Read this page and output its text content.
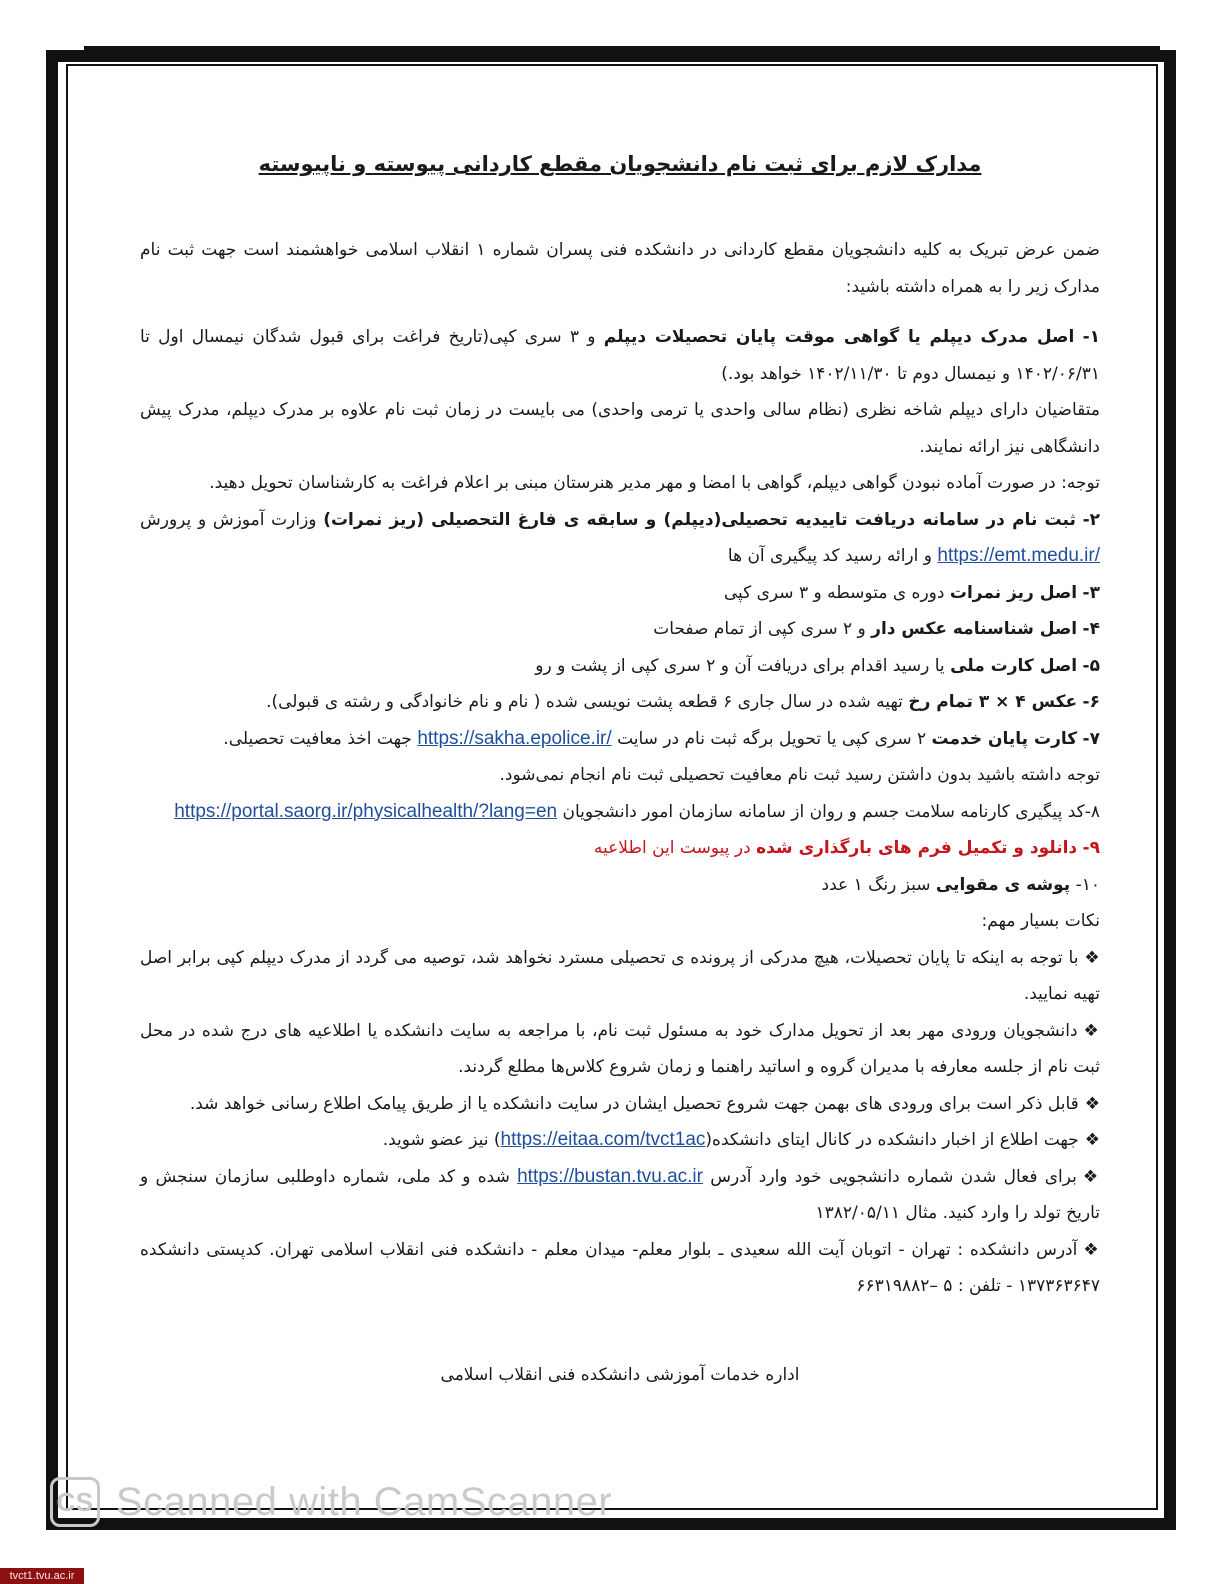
مدارک لازم برای ثبت نام دانشجویان مقطع کاردانی پیوسته و ناپیوسته

ضمن عرض تبریک به کلیه دانشجویان مقطع کاردانی در دانشکده فنی پسران شماره ۱ انقلاب اسلامی خواهشمند است جهت ثبت نام مدارک زیر را به همراه داشته باشید:

۱- اصل مدرک دیپلم یا گواهی موقت پایان تحصیلات دیپلم و ۳ سری کپی(تاریخ فراغت برای قبول شدگان نیمسال اول تا ۱۴۰۲/۰۶/۳۱ و نیمسال دوم تا ۱۴۰۲/۱۱/۳۰ خواهد بود.)

متقاضیان دارای دیپلم شاخه نظری (نظام سالی واحدی یا ترمی واحدی) می بایست در زمان ثبت نام علاوه بر مدرک دیپلم، مدرک پیش دانشگاهی نیز ارائه نمایند.

توجه: در صورت آماده نبودن گواهی دیپلم، گواهی با امضا و مهر مدیر هنرستان مبنی بر اعلام فراغت به کارشناسان تحویل دهید.

۲- ثبت نام در سامانه دریافت تاییدیه تحصیلی(دیپلم) و سابقه ی فارغ التحصیلی (ریز نمرات) وزارت آموزش و پرورش https://emt.medu.ir/ و ارائه رسید کد پیگیری آن ها

۳- اصل ریز نمرات دوره ی متوسطه و ۳ سری کپی

۴- اصل شناسنامه عکس دار و ۲ سری کپی از تمام صفحات

۵- اصل کارت ملی یا رسید اقدام برای دریافت آن و ۲ سری کپی از پشت و رو

۶- عکس ۴ × ۳ تمام رخ تهیه شده در سال جاری ۶ قطعه پشت نویسی شده ( نام و نام خانوادگی و رشته ی قبولی).

۷- کارت پایان خدمت ۲ سری کپی یا تحویل برگه ثبت نام در سایت https://sakha.epolice.ir/ جهت اخذ معافیت تحصیلی.

توجه داشته باشید بدون داشتن رسید ثبت نام معافیت تحصیلی ثبت نام انجام نمی‌شود.

۸-کد پیگیری کارنامه سلامت جسم و روان از سامانه سازمان امور دانشجویان https://portal.saorg.ir/physicalhealth/?lang=en

۹- دانلود و تکمیل فرم های بارگذاری شده در پیوست این اطلاعیه

۱۰- پوشه ی مقوایی سبز رنگ ۱ عدد

نکات بسیار مهم:

❖با توجه به اینکه تا پایان تحصیلات، هیچ مدرکی از پرونده ی تحصیلی مسترد نخواهد شد، توصیه می گردد از مدرک دیپلم کپی برابر اصل تهیه نمایید.

❖دانشجویان ورودی مهر بعد از تحویل مدارک خود به مسئول ثبت نام، با مراجعه به سایت دانشکده یا اطلاعیه های درج شده در محل ثبت نام از جلسه معارفه با مدیران گروه و اساتید راهنما و زمان شروع کلاس‌ها مطلع گردند.

❖قابل ذکر است برای ورودی های بهمن جهت شروع تحصیل ایشان در سایت دانشکده یا از طریق پیامک اطلاع رسانی خواهد شد.

❖جهت اطلاع از اخبار دانشکده در کانال ایتای دانشکده(https://eitaa.com/tvct1ac) نیز عضو شوید.

❖برای فعال شدن شماره دانشجویی خود وارد آدرس https://bustan.tvu.ac.ir شده و کد ملی، شماره داوطلبی سازمان سنجش و تاریخ تولد را وارد کنید. مثال ۱۳۸۲/۰۵/۱۱

❖آدرس دانشکده : تهران - اتوبان آیت الله سعیدی ـ بلوار معلم- میدان معلم - دانشکده فنی انقلاب اسلامی تهران. کدپستی دانشکده ۱۳۷۳۶۳۶۴۷ - تلفن : ۵ –۶۶۳۱۹۸۸۲

اداره خدمات آموزشی دانشکده فنی انقلاب اسلامی

CS Scanned with CamScanner
tvct1.tvu.ac.ir
